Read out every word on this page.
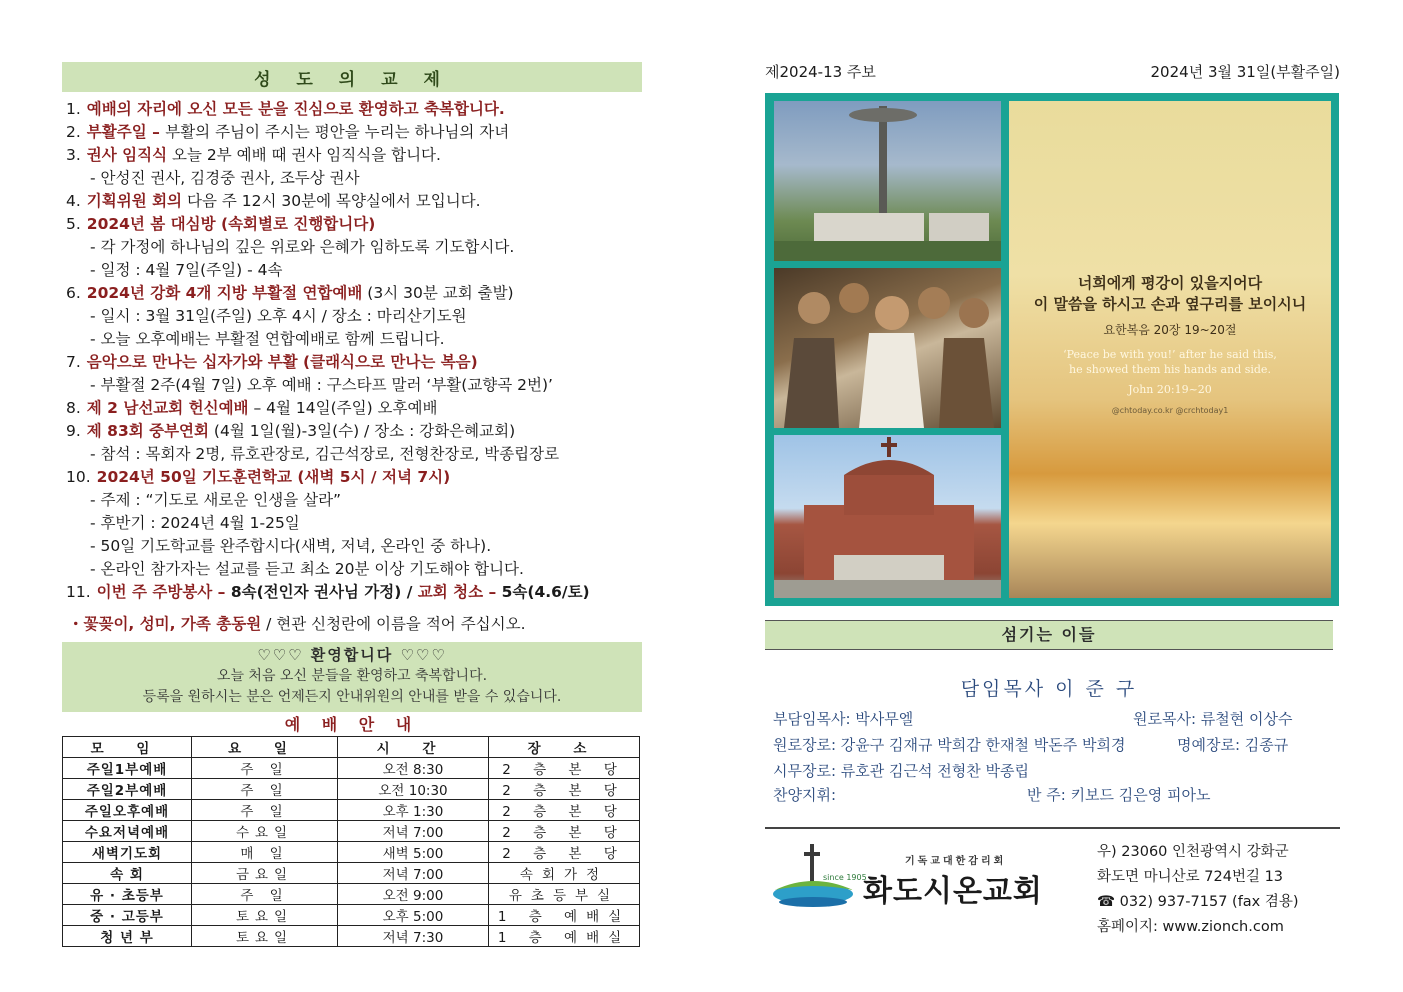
성 도 의 교 제
1. 예배의 자리에 오신 모든 분을 진심으로 환영하고 축복합니다.
2. 부활주일 – 부활의 주님이 주시는 평안을 누리는 하나님의 자녀
3. 권사 임직식 오늘 2부 예배 때 권사 임직식을 합니다.
- 안성진 권사, 김경중 권사, 조두상 권사
4. 기획위원 회의 다음 주 12시 30분에 목양실에서 모입니다.
5. 2024년 봄 대심방 (속회별로 진행합니다)
- 각 가정에 하나님의 깊은 위로와 은혜가 임하도록 기도합시다.
- 일정 : 4월 7일(주일) - 4속
6. 2024년 강화 4개 지방 부활절 연합예배 (3시 30분 교회 출발)
- 일시 : 3월 31일(주일) 오후 4시 / 장소 : 마리산기도원
- 오늘 오후예배는 부활절 연합예배로 함께 드립니다.
7. 음악으로 만나는 십자가와 부활 (클래식으로 만나는 복음)
- 부활절 2주(4월 7일) 오후 예배 : 구스타프 말러 ‘부활(교향곡 2번)’
8. 제 2 남선교회 헌신예배 – 4월 14일(주일) 오후예배
9. 제 83회 중부연회 (4월 1일(월)-3일(수) / 장소 : 강화은혜교회)
- 참석 : 목회자 2명, 류호관장로, 김근석장로, 전형찬장로, 박종립장로
10. 2024년 50일 기도훈련학교 (새벽 5시 / 저녁 7시)
- 주제 : “기도로 새로운 인생을 살라”
- 후반기 : 2024년 4월 1-25일
- 50일 기도학교를 완주합시다(새벽, 저녁, 온라인 중 하나).
- 온라인 참가자는 설교를 듣고 최소 20분 이상 기도해야 합니다.
11. 이번 주 주방봉사 – 8속(전인자 권사님 가정) / 교회 청소 – 5속(4.6/토)
・꽃꽂이, 성미, 가족 총동원 / 현관 신청란에 이름을 적어 주십시오.
♡♡♡ 환영합니다 ♡♡♡
오늘 처음 오신 분들을 환영하고 축복합니다.
등록을 원하시는 분은 언제든지 안내위원의 안내를 받을 수 있습니다.
예 배 안 내
모 임	요 일	시 간	장 소
주일1부예배	주 일	오전 8:30	2 층 본 당
주일2부예배	주 일	오전 10:30	2 층 본 당
주일오후예배	주 일	오후 1:30	2 층 본 당
수요저녁예배	수요일	저녁 7:00	2 층 본 당
새벽기도회	매 일	새벽 5:00	2 층 본 당
속 회	금요일	저녁 7:00	속회가정
유 · 초등부	주 일	오전 9:00	유초등부실
중 · 고등부	토요일	오후 5:00	1 층 예배실
청 년 부	토요일	저녁 7:30	1 층 예배실
제2024-13 주보	2024년 3월 31일(부활주일)
너희에게 평강이 있을지어다
이 말씀을 하시고 손과 옆구리를 보이시니
요한복음 20장 19~20절
‘Peace be with you!’ after he said this,
he showed them his hands and side.
John 20:19~20
@chtoday.co.kr @crchtoday1
섬기는 이들
담임목사 이 준 구
부담임목사: 박사무엘	원로목사: 류철현 이상수
원로장로: 강윤구 김재규 박희감 한재철 박돈주 박희경	명예장로: 김종규
시무장로: 류호관 김근석 전형찬 박종립
찬양지휘:	반 주: 키보드 김은영 피아노
since 1905
기독교대한감리회
화도시온교회
우) 23060 인천광역시 강화군
화도면 마니산로 724번길 13
☎ 032) 937-7157 (fax 겸용)
홈페이지: www.zionch.com
